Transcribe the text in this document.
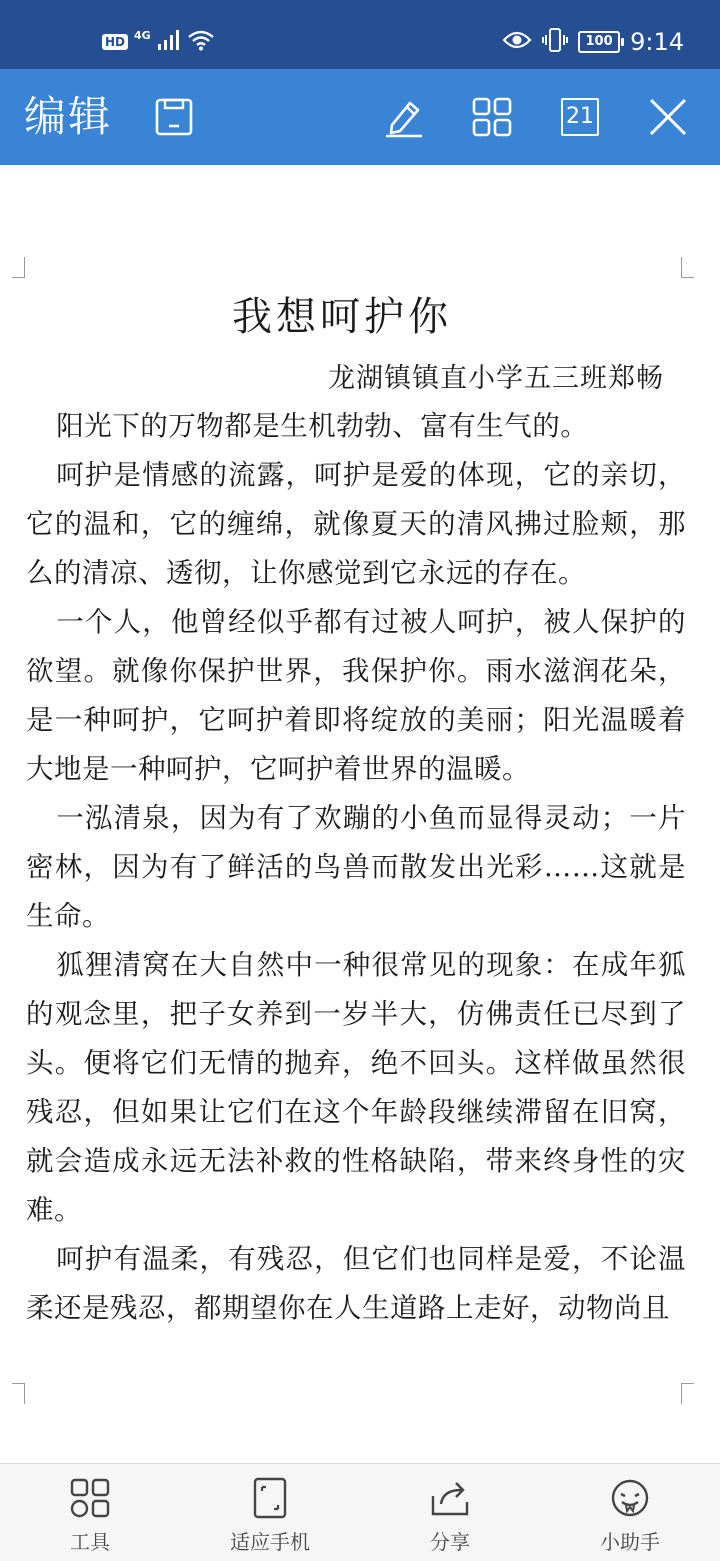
HD 4G	100 9:14
编辑	21
我想呵护你
龙湖镇镇直小学五三班郑畅

阳光下的万物都是生机勃勃、富有生气的。

呵护是情感的流露，呵护是爱的体现，它的亲切，它的温和，它的缠绵，就像夏天的清风拂过脸颊，那么的清凉、透彻，让你感觉到它永远的存在。

一个人，他曾经似乎都有过被人呵护，被人保护的欲望。就像你保护世界，我保护你。雨水滋润花朵，是一种呵护，它呵护着即将绽放的美丽；阳光温暖着大地是一种呵护，它呵护着世界的温暖。

一泓清泉，因为有了欢蹦的小鱼而显得灵动；一片密林，因为有了鲜活的鸟兽而散发出光彩……这就是生命。

狐狸清窝在大自然中一种很常见的现象：在成年狐的观念里，把子女养到一岁半大，仿佛责任已尽到了头。便将它们无情的抛弃，绝不回头。这样做虽然很残忍，但如果让它们在这个年龄段继续滞留在旧窝，就会造成永远无法补救的性格缺陷，带来终身性的灾难。

呵护有温柔，有残忍，但它们也同样是爱，不论温柔还是残忍，都期望你在人生道路上走好，动物尚且

工具	适应手机	分享	小助手
